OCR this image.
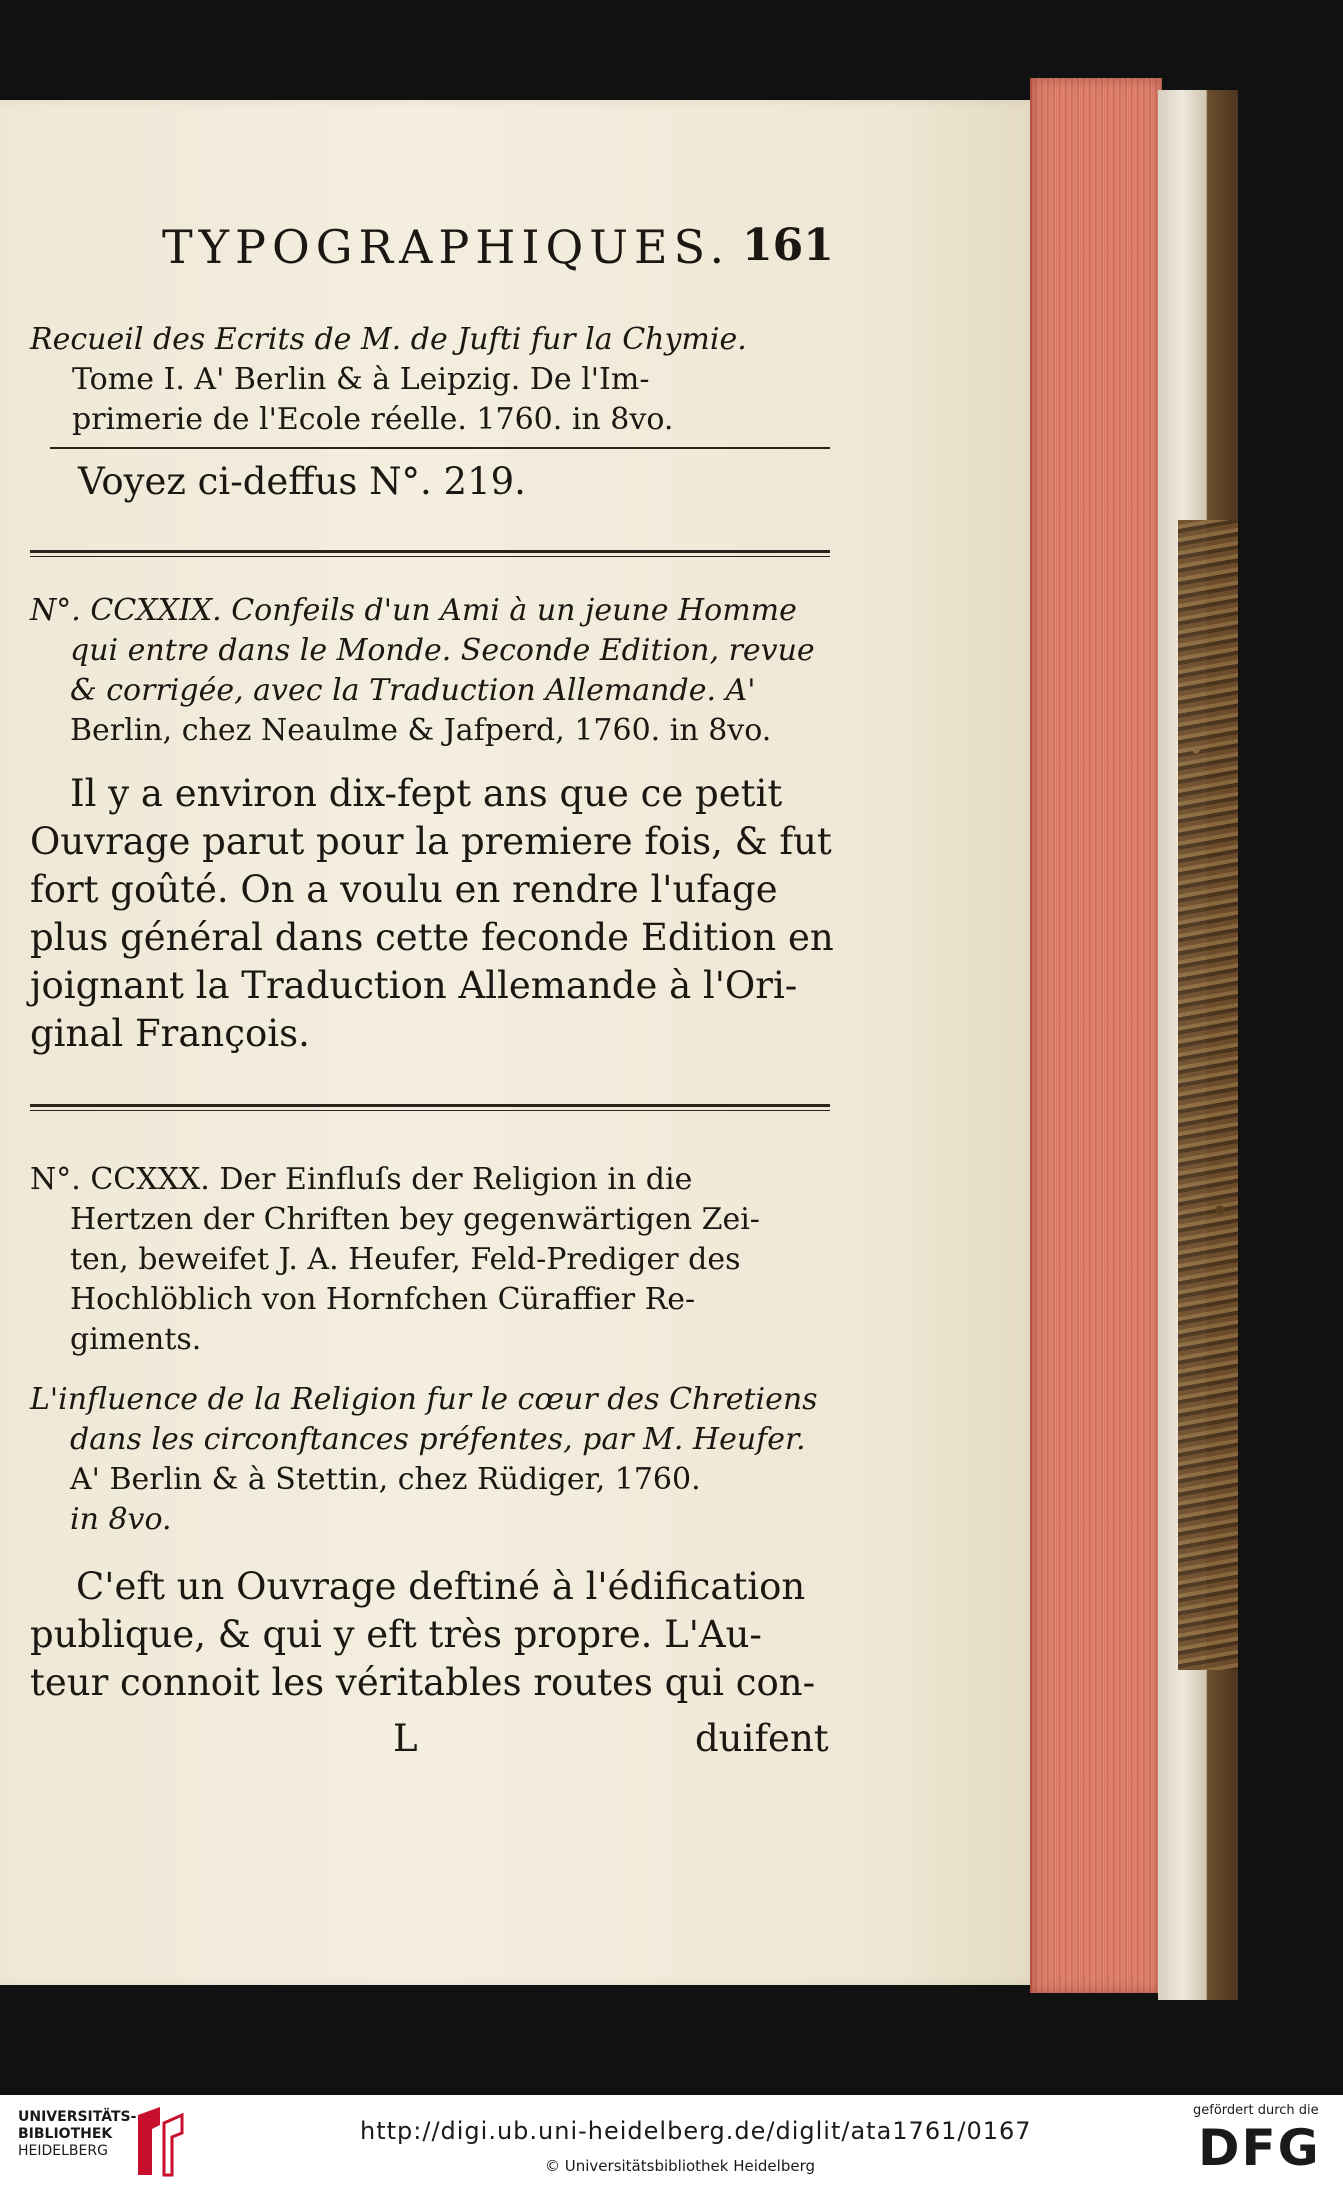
TYPOGRAPHIQUES. 161
Recueil des Ecrits de M. de Jufti fur la Chymie.
Tome I. A' Berlin & à Leipzig. De l'Im-
primerie de l'Ecole réelle. 1760. in 8vo.
Voyez ci-deffus N°. 219.
N°. CCXXIX. Confeils d'un Ami à un jeune Homme
qui entre dans le Monde. Seconde Edition, revue
& corrigée, avec la Traduction Allemande. A'
Berlin, chez Neaulme & Jafperd, 1760. in 8vo.
Il y a environ dix-fept ans que ce petit
Ouvrage parut pour la premiere fois, & fut
fort goûté. On a voulu en rendre l'ufage
plus général dans cette feconde Edition en
joignant la Traduction Allemande à l'Ori-
ginal François.
N°. CCXXX. Der Einfluſs der Religion in die
Hertzen der Chriften bey gegenwärtigen Zei-
ten, beweifet J. A. Heufer, Feld-Prediger des
Hochlöblich von Hornfchen Cüraffier Re-
giments.
L'influence de la Religion fur le cœur des Chretiens
dans les circonftances préfentes, par M. Heufer.
A' Berlin & à Stettin, chez Rüdiger, 1760.
in 8vo.
C'eft un Ouvrage deftiné à l'édification
publique, & qui y eft très propre. L'Au-
teur connoit les véritables routes qui con-
L	duifent
UNIVERSITÄTS-
BIBLIOTHEK
HEIDELBERG
http://digi.ub.uni-heidelberg.de/diglit/ata1761/0167
© Universitätsbibliothek Heidelberg
gefördert durch die
DFG
